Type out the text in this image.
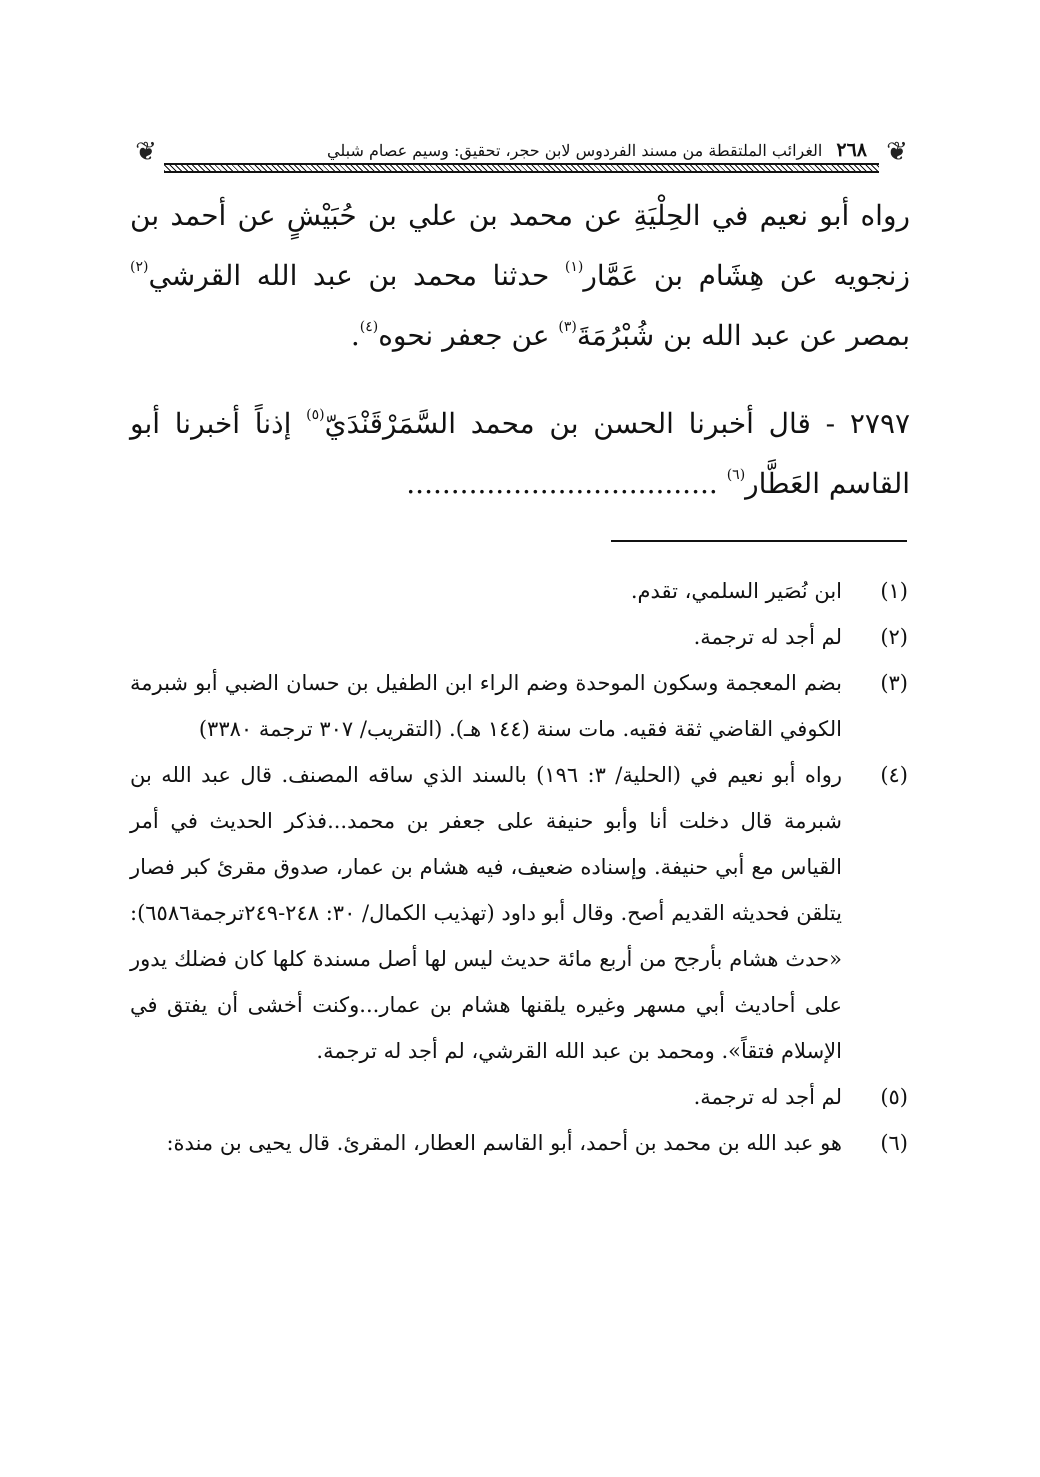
❦
٢٦٨الغرائب الملتقطة من مسند الفردوس لابن حجر، تحقيق: وسيم عصام شبلي
❦

رواه أبو نعيم في الحِلْيَةِ عن محمد بن علي بن حُبَيْشٍ عن أحمد بن زنجويه عن هِشَام بن عَمَّار$^{(١)}$ حدثنا محمد بن عبد الله القرشي$^{(٢)}$ بمصر عن عبد الله بن شُبْرُمَةَ$^{(٣)}$ عن جعفر نحوه$^{(٤)}$.

٢٧٩٧ - قال أخبرنا الحسن بن محمد السَّمَرْقَنْدَيّ$^{(٥)}$ إذناً أخبرنا أبو القاسم العَطَّار$^{(٦)}$ ...................................

(١)
ابن نُصَير السلمي، تقدم.
(٢)
لم أجد له ترجمة.
(٣)
بضم المعجمة وسكون الموحدة وضم الراء ابن الطفيل بن حسان الضبي أبو شبرمة الكوفي القاضي ثقة فقيه. مات سنة (١٤٤ هـ). (التقريب/ ٣٠٧ ترجمة ٣٣٨٠)
(٤)
رواه أبو نعيم في (الحلية/ ٣: ١٩٦) بالسند الذي ساقه المصنف. قال عبد الله بن شبرمة قال دخلت أنا وأبو حنيفة على جعفر بن محمد...فذكر الحديث في أمر القياس مع أبي حنيفة. وإسناده ضعيف، فيه هشام بن عمار، صدوق مقرئ كبر فصار يتلقن فحديثه القديم أصح. وقال أبو داود (تهذيب الكمال/ ٣٠: ٢٤٨-٢٤٩ترجمة٦٥٨٦): «حدث هشام بأرجح من أربع مائة حديث ليس لها أصل مسندة كلها كان فضلك يدور على أحاديث أبي مسهر وغيره يلقنها هشام بن عمار...وكنت أخشى أن يفتق في الإسلام فتقاً». ومحمد بن عبد الله القرشي، لم أجد له ترجمة.
(٥)
لم أجد له ترجمة.
(٦)
هو عبد الله بن محمد بن أحمد، أبو القاسم العطار، المقرئ. قال يحيى بن مندة:
